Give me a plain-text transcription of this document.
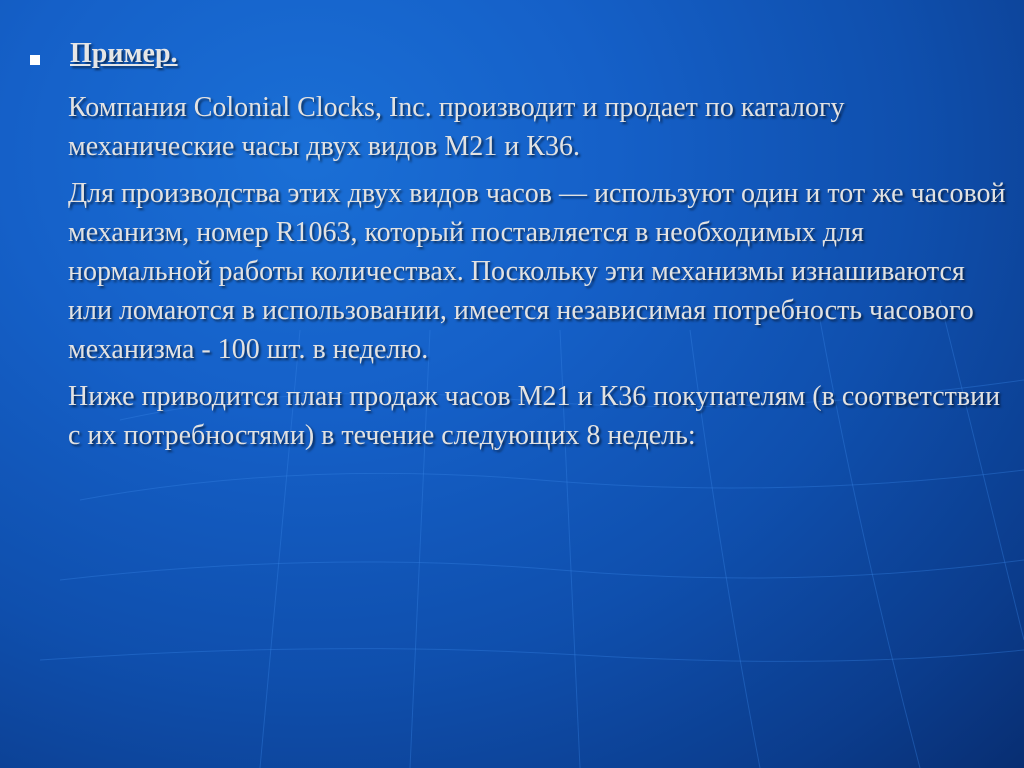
Пример.

Компания Colonial Clocks, Inc. производит и продает по каталогу механические часы двух видов М21 и К36.

Для производства этих двух видов часов — используют один и тот же часовой механизм, номер R1063, который поставляется в необходимых для нормальной работы количествах. Поскольку эти механизмы изнашиваются или ломаются в использовании, имеется независимая потребность часового механизма - 100 шт. в неделю.

Ниже приводится план продаж часов М21 и К36 покупателям (в соответствии с их потребностями) в течение следующих 8 недель:
